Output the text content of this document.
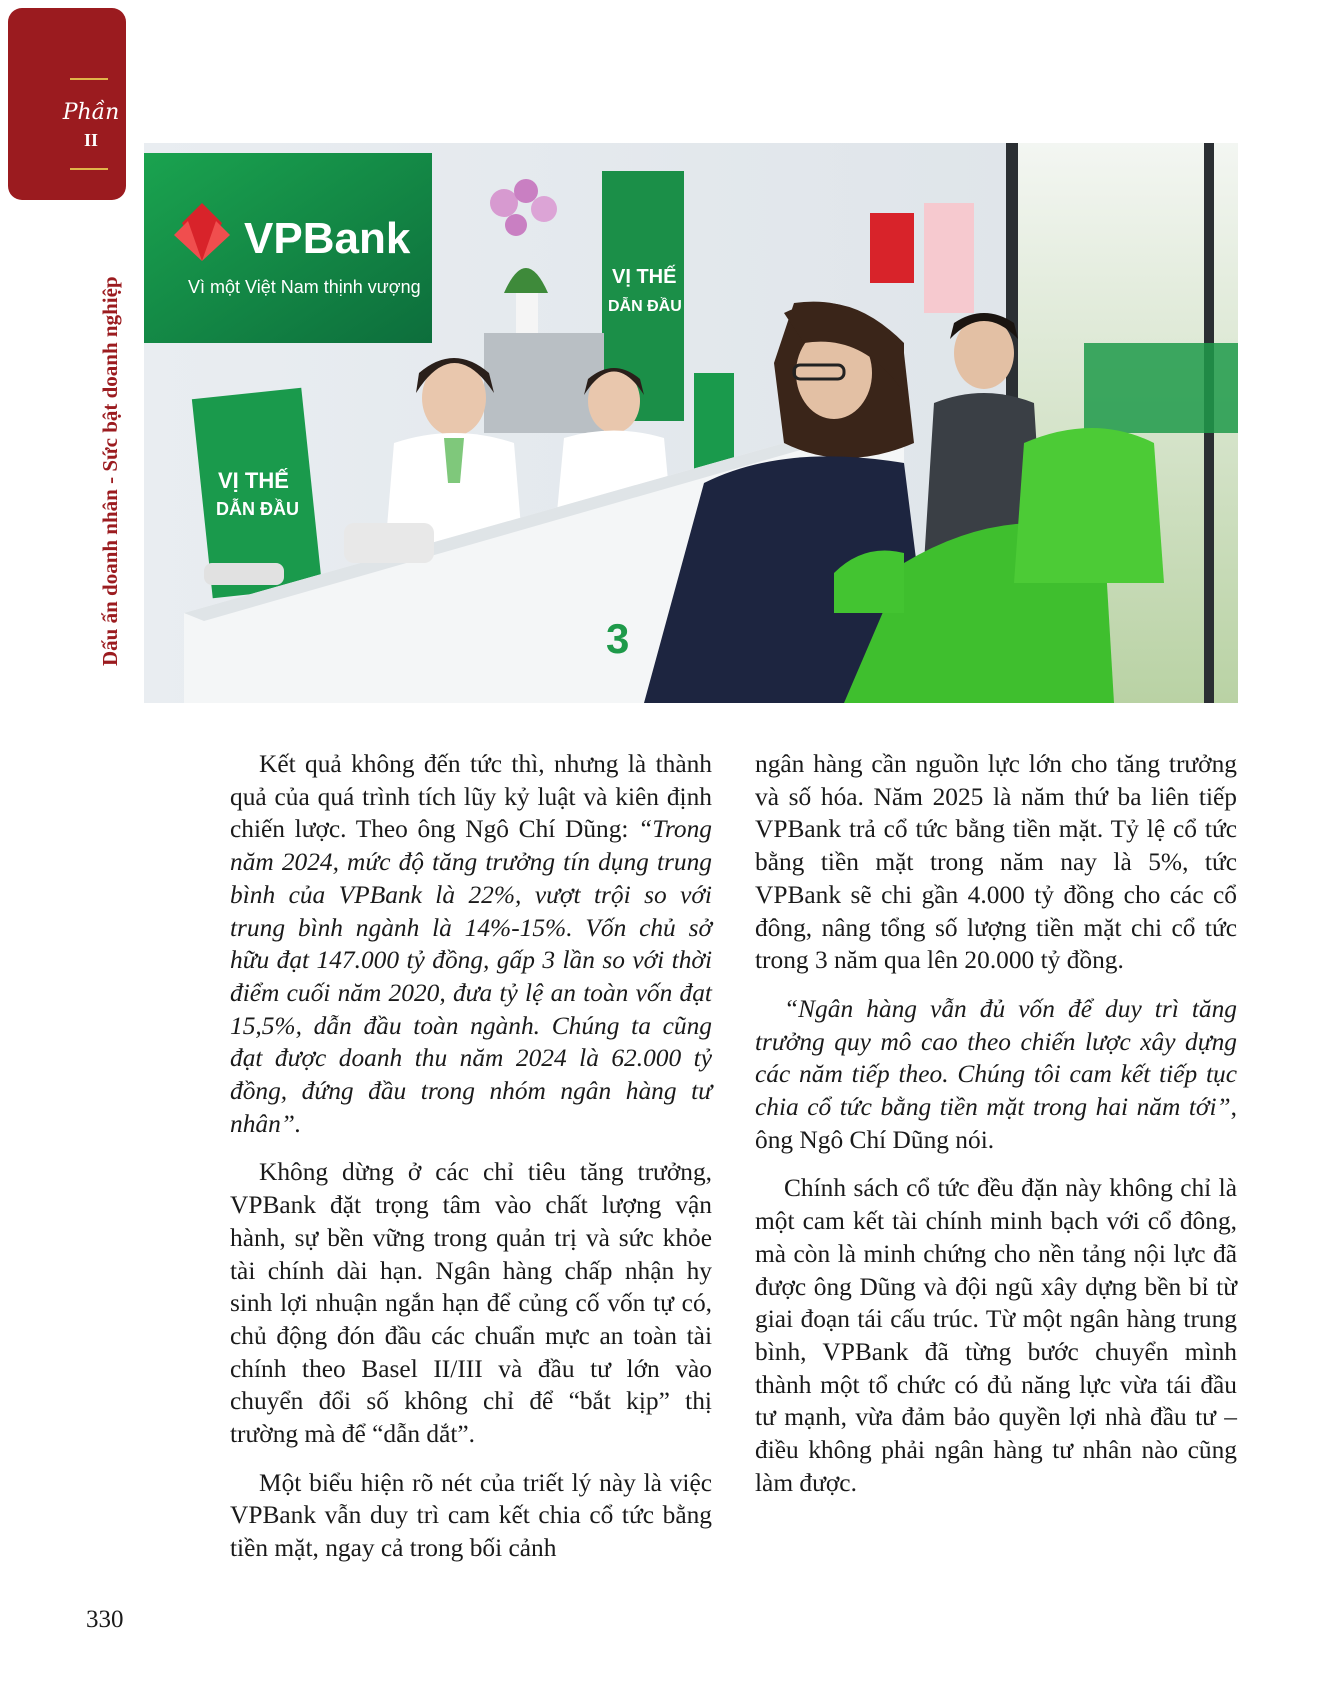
Phần
II
Dấu ấn doanh nhân - Sức bật doanh nghiệp
VPBank
Vì một Việt Nam thịnh vượng	VỊ THẾ
DẪN ĐẦU
VỊ THẾ
DẪN ĐẦU
3

Kết quả không đến tức thì, nhưng là thành quả của quá trình tích lũy kỷ luật và kiên định chiến lược. Theo ông Ngô Chí Dũng: “Trong năm 2024, mức độ tăng trưởng tín dụng trung bình của VPBank là 22%, vượt trội so với trung bình ngành là 14%-15%. Vốn chủ sở hữu đạt 147.000 tỷ đồng, gấp 3 lần so với thời điểm cuối năm 2020, đưa tỷ lệ an toàn vốn đạt 15,5%, dẫn đầu toàn ngành. Chúng ta cũng đạt được doanh thu năm 2024 là 62.000 tỷ đồng, đứng đầu trong nhóm ngân hàng tư nhân”.

Không dừng ở các chỉ tiêu tăng trưởng, VPBank đặt trọng tâm vào chất lượng vận hành, sự bền vững trong quản trị và sức khỏe tài chính dài hạn. Ngân hàng chấp nhận hy sinh lợi nhuận ngắn hạn để củng cố vốn tự có, chủ động đón đầu các chuẩn mực an toàn tài chính theo Basel II/III và đầu tư lớn vào chuyển đổi số không chỉ để “bắt kịp” thị trường mà để “dẫn dắt”.

Một biểu hiện rõ nét của triết lý này là việc VPBank vẫn duy trì cam kết chia cổ tức bằng tiền mặt, ngay cả trong bối cảnh

ngân hàng cần nguồn lực lớn cho tăng trưởng và số hóa. Năm 2025 là năm thứ ba liên tiếp VPBank trả cổ tức bằng tiền mặt. Tỷ lệ cổ tức bằng tiền mặt trong năm nay là 5%, tức VPBank sẽ chi gần 4.000 tỷ đồng cho các cổ đông, nâng tổng số lượng tiền mặt chi cổ tức trong 3 năm qua lên 20.000 tỷ đồng.

“Ngân hàng vẫn đủ vốn để duy trì tăng trưởng quy mô cao theo chiến lược xây dựng các năm tiếp theo. Chúng tôi cam kết tiếp tục chia cổ tức bằng tiền mặt trong hai năm tới”, ông Ngô Chí Dũng nói.

Chính sách cổ tức đều đặn này không chỉ là một cam kết tài chính minh bạch với cổ đông, mà còn là minh chứng cho nền tảng nội lực đã được ông Dũng và đội ngũ xây dựng bền bỉ từ giai đoạn tái cấu trúc. Từ một ngân hàng trung bình, VPBank đã từng bước chuyển mình thành một tổ chức có đủ năng lực vừa tái đầu tư mạnh, vừa đảm bảo quyền lợi nhà đầu tư – điều không phải ngân hàng tư nhân nào cũng làm được.

330
